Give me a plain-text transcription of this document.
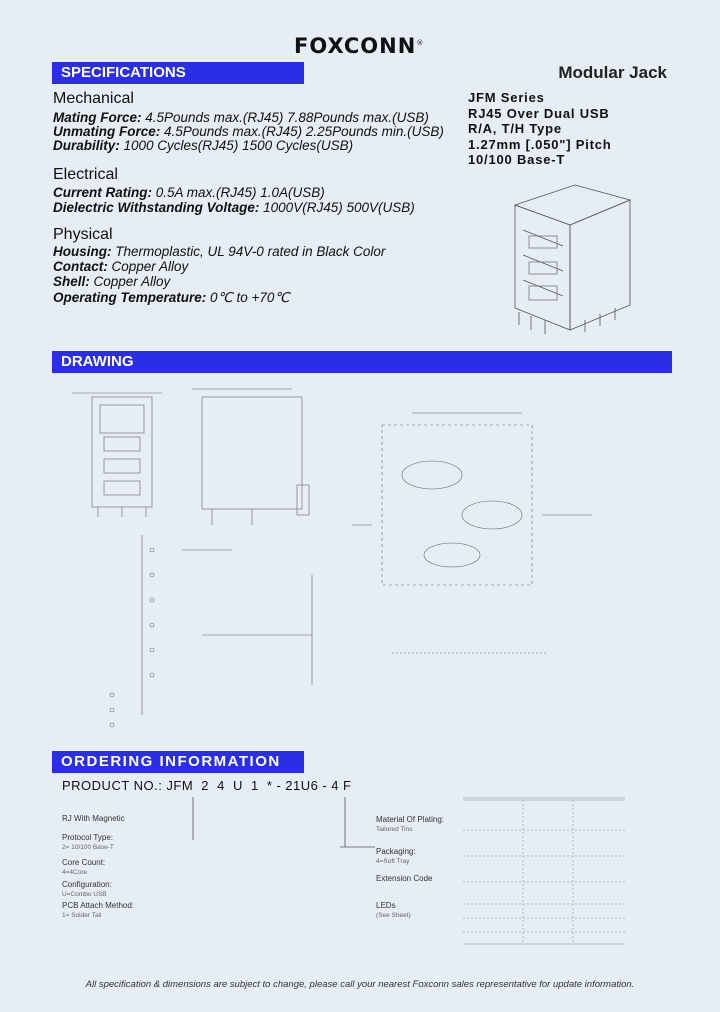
FOXCONN®
SPECIFICATIONS	Modular Jack
JFM Series
RJ45 Over Dual USB
R/A, T/H Type
1.27mm [.050"] Pitch
10/100 Base-T
Mechanical
Mating Force: 4.5Pounds max.(RJ45) 7.88Pounds max.(USB)
Unmating Force: 4.5Pounds max.(RJ45) 2.25Pounds min.(USB)
Durability: 1000 Cycles(RJ45) 1500 Cycles(USB)
Electrical
Current Rating: 0.5A max.(RJ45) 1.0A(USB)
Dielectric Withstanding Voltage: 1000V(RJ45) 500V(USB)
Physical
Housing: Thermoplastic, UL 94V-0 rated in Black Color
Contact: Copper Alloy
Shell: Copper Alloy
Operating Temperature: 0℃ to +70℃
DRAWING
ORDERING INFORMATION
PRODUCT NO.: JFM 2 4 U 1 * - 21U6 - 4 F
RJ With Magnetic
Protocol Type:
2= 10/100 Base-T
Core Count:
4=4Core
Configuration:
U=Combo USB
PCB Attach Method:
1= Solder Tail
Material Of Plating:
Tailored Tins
Packaging:
4=Soft Tray
Extension Code
LEDs
(See Sheet)
All specification & dimensions are subject to change, please call your nearest Foxconn sales representative for update information.
